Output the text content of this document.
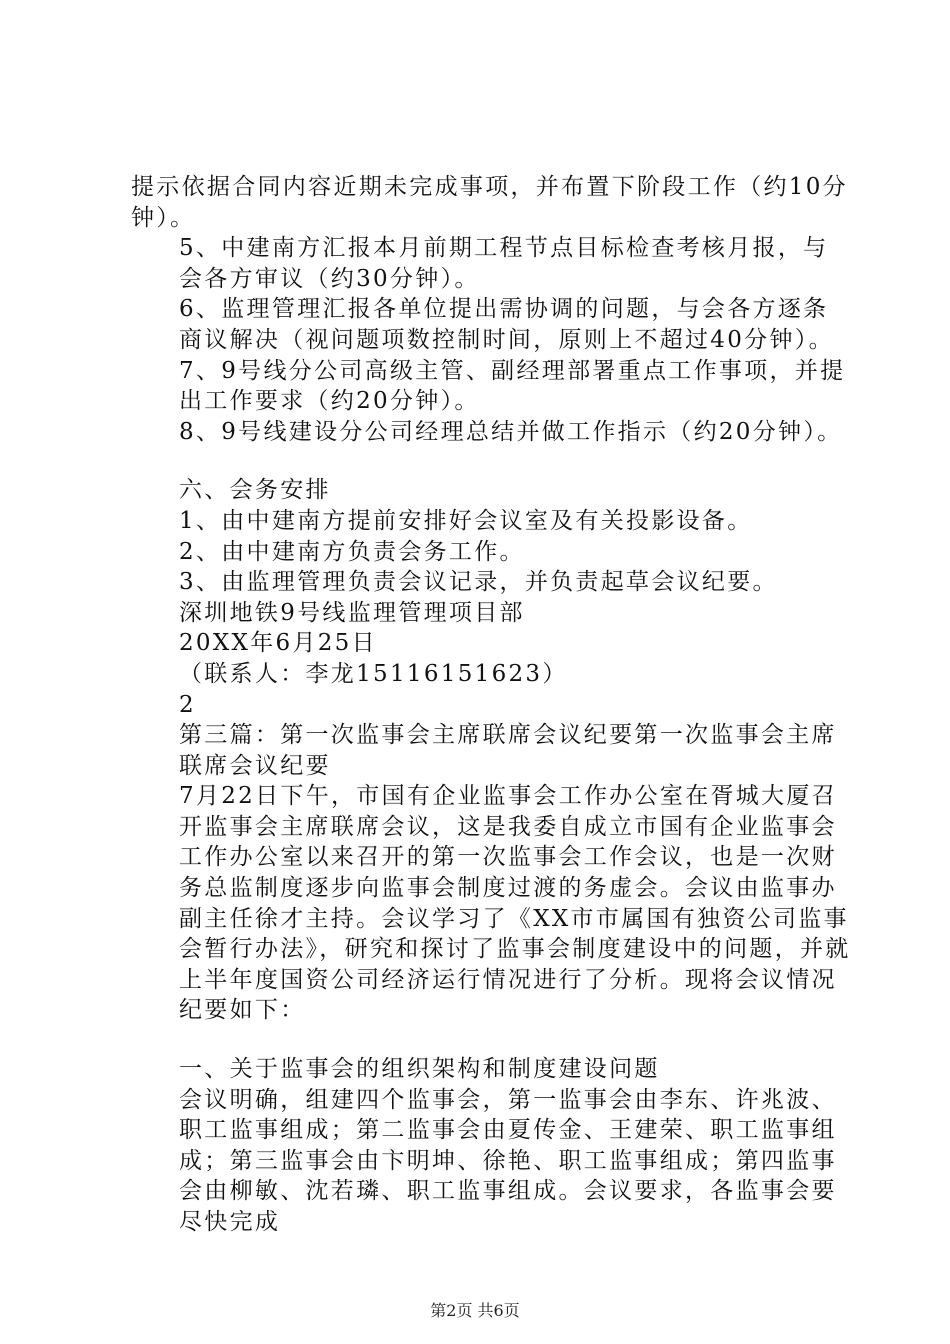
提示依据合同内容近期未完成事项，并布置下阶段工作（约10分钟）。

5、中建南方汇报本月前期工程节点目标检查考核月报，与会各方审议（约30分钟）。

6、监理管理汇报各单位提出需协调的问题，与会各方逐条商议解决（视问题项数控制时间，原则上不超过40分钟）。

7、9号线分公司高级主管、副经理部署重点工作事项，并提出工作要求（约20分钟）。

8、9号线建设分公司经理总结并做工作指示（约20分钟）。

六、会务安排

1、由中建南方提前安排好会议室及有关投影设备。

2、由中建南方负责会务工作。

3、由监理管理负责会议记录，并负责起草会议纪要。

深圳地铁9号线监理管理项目部

20XX年6月25日

（联系人：李龙15116151623）

2

第三篇：第一次监事会主席联席会议纪要第一次监事会主席联席会议纪要

7月22日下午，市国有企业监事会工作办公室在胥城大厦召开监事会主席联席会议，这是我委自成立市国有企业监事会工作办公室以来召开的第一次监事会工作会议，也是一次财务总监制度逐步向监事会制度过渡的务虚会。会议由监事办副主任徐才主持。会议学习了《XX市市属国有独资公司监事会暂行办法》，研究和探讨了监事会制度建设中的问题，并就上半年度国资公司经济运行情况进行了分析。现将会议情况纪要如下：

一、关于监事会的组织架构和制度建设问题

会议明确，组建四个监事会，第一监事会由李东、许兆波、职工监事组成；第二监事会由夏传金、王建荣、职工监事组成；第三监事会由卞明坤、徐艳、职工监事组成；第四监事会由柳敏、沈若璘、职工监事组成。会议要求，各监事会要尽快完成

第2页 共6页
